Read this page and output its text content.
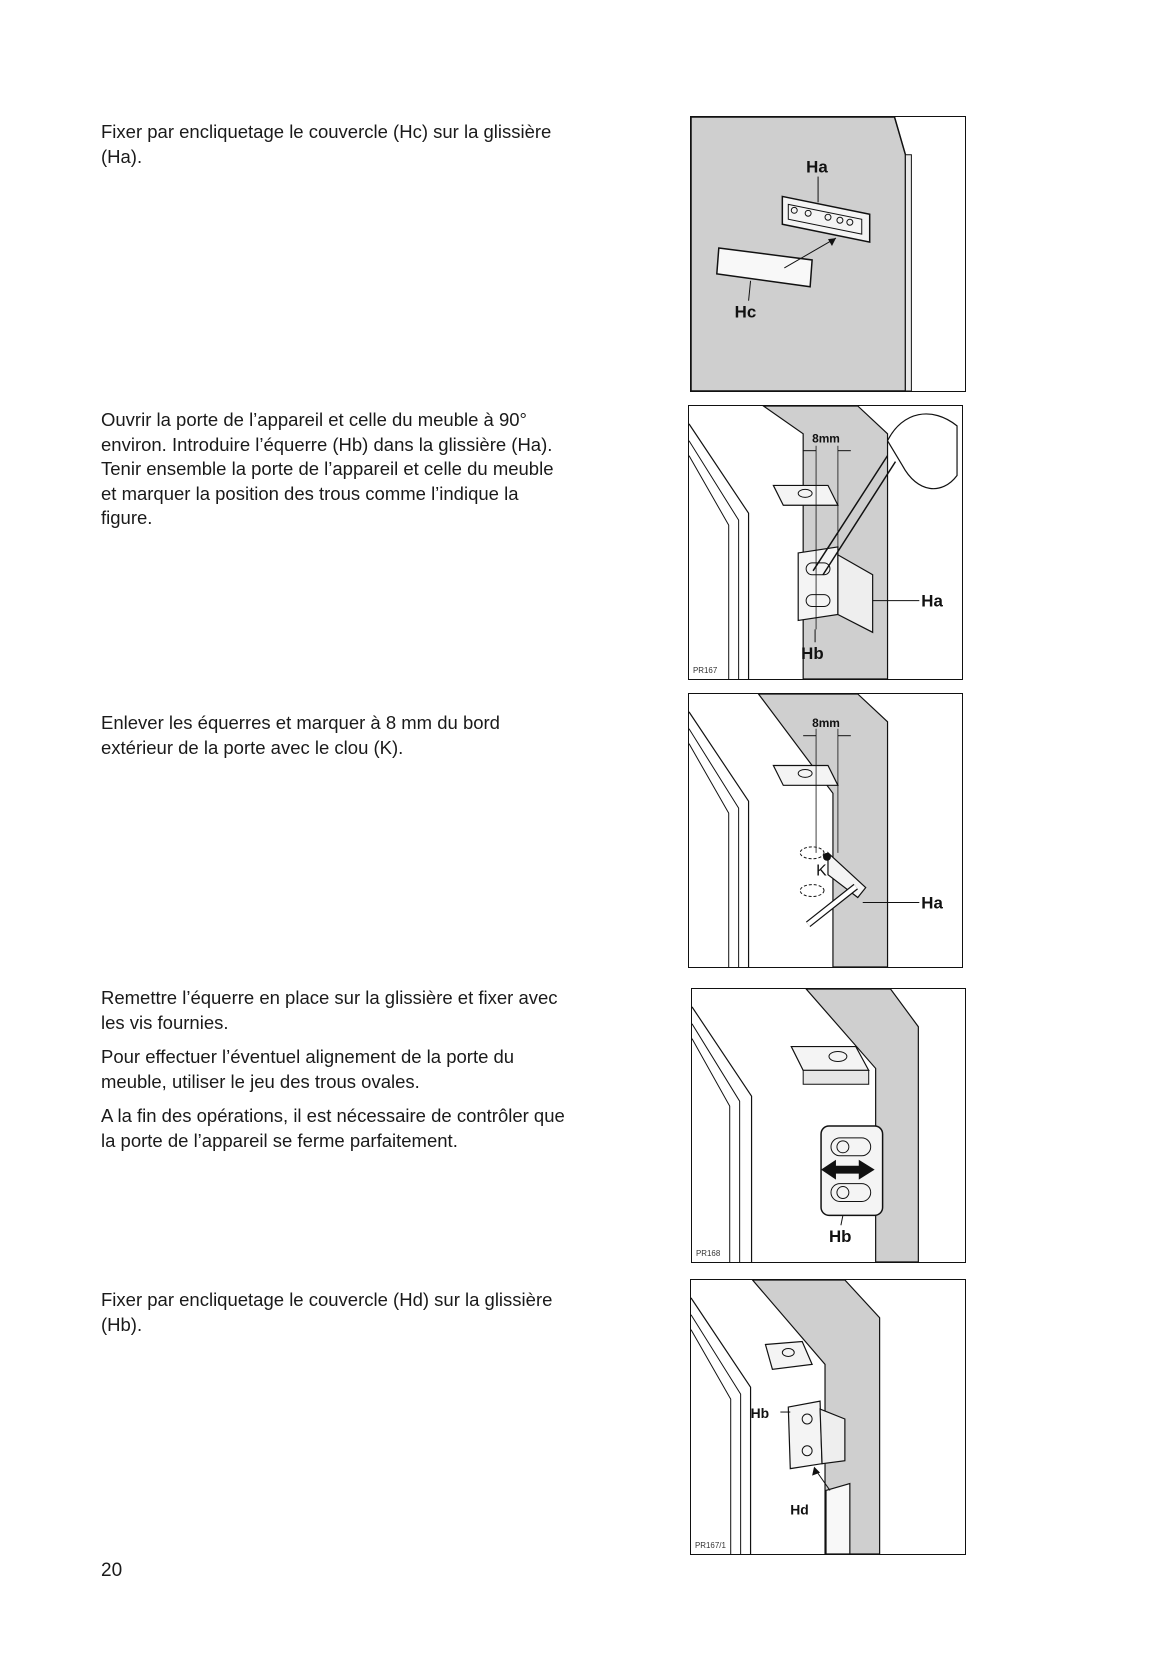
Fixer par encliquetage le couvercle (Hc) sur la glissière (Ha).

Ha
Hc

Ouvrir la porte de l’appareil et celle du meuble à 90° environ. Introduire l’équerre (Hb) dans la glissière (Ha). Tenir ensemble la porte de l’appareil et celle du meuble et marquer la position des trous comme l’indique la figure.

8mm
Ha
Hb
PR167

Enlever les équerres et marquer à 8 mm du bord extérieur de la porte avec le clou (K).

8mm
K
Ha

Remettre l’équerre en place sur la glissière et fixer avec les vis fournies.

Pour effectuer l’éventuel alignement de la porte du meuble, utiliser le jeu des trous ovales.

A la fin des opérations, il est nécessaire de contrôler que la porte de l’appareil se ferme parfaitement.

Hb
PR168

Fixer par encliquetage le couvercle (Hd) sur la glissière (Hb).

Hb
Hd
PR167/1
20
